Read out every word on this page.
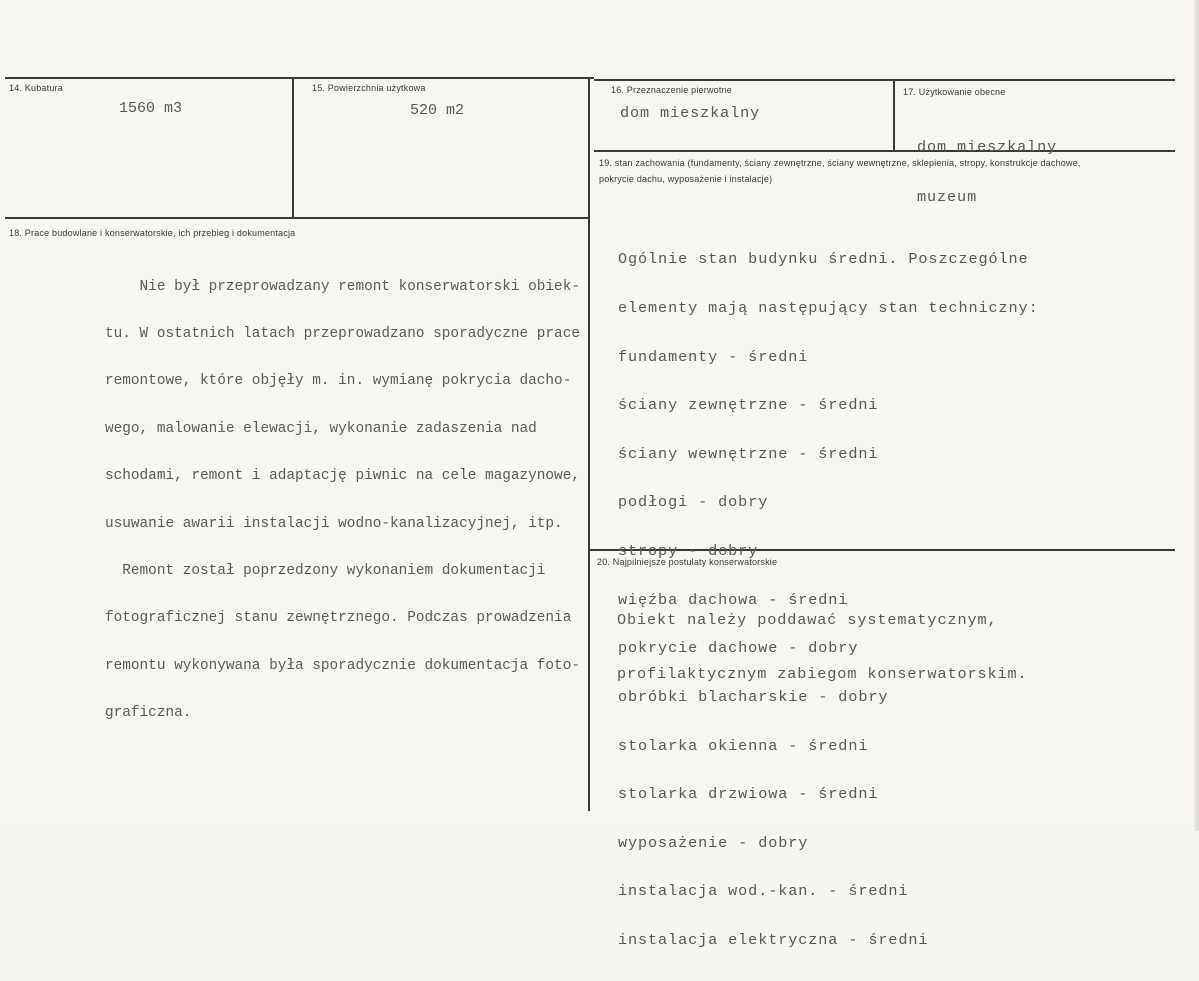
14. Kubatura
1560 m3
15. Powierzchnia użytkowa
520 m2
16. Przeznaczenie pierwotne
dom mieszkalny
17. Użytkowanie obecne

dom mieszkalny

muzeum

19. stan zachowania (fundamenty, ściany zewnętrzne, ściany wewnętrzne, sklepienia, stropy, konstrukcje dachowe, pokrycie dachu, wyposażenie i instalacje)

Ogólnie stan budynku średni. Poszczególne

elementy mają następujący stan techniczny:

fundamenty - średni

ściany zewnętrzne - średni

ściany wewnętrzne - średni

podłogi - dobry

stropy - dobry

więźba dachowa - średni

pokrycie dachowe - dobry

obróbki blacharskie - dobry

stolarka okienna - średni

stolarka drzwiowa - średni

wyposażenie - dobry

instalacja wod.-kan. - średni

instalacja elektryczna - średni

18. Prace budowlane i konserwatorskie, ich przebieg i dokumentacja

Nie był przeprowadzany remont konserwatorski obiek-

tu. W ostatnich latach przeprowadzano sporadyczne prace

remontowe, które objęły m. in. wymianę pokrycia dacho-

wego, malowanie elewacji, wykonanie zadaszenia nad

schodami, remont i adaptację piwnic na cele magazynowe,

usuwanie awarii instalacji wodno-kanalizacyjnej, itp.

Remont został poprzedzony wykonaniem dokumentacji

fotograficznej stanu zewnętrznego. Podczas prowadzenia

remontu wykonywana była sporadycznie dokumentacja foto-

graficzna.

20. Najpilniejsze postulaty konserwatorskie

Obiekt należy poddawać systematycznym,

profilaktycznym zabiegom konserwatorskim.
